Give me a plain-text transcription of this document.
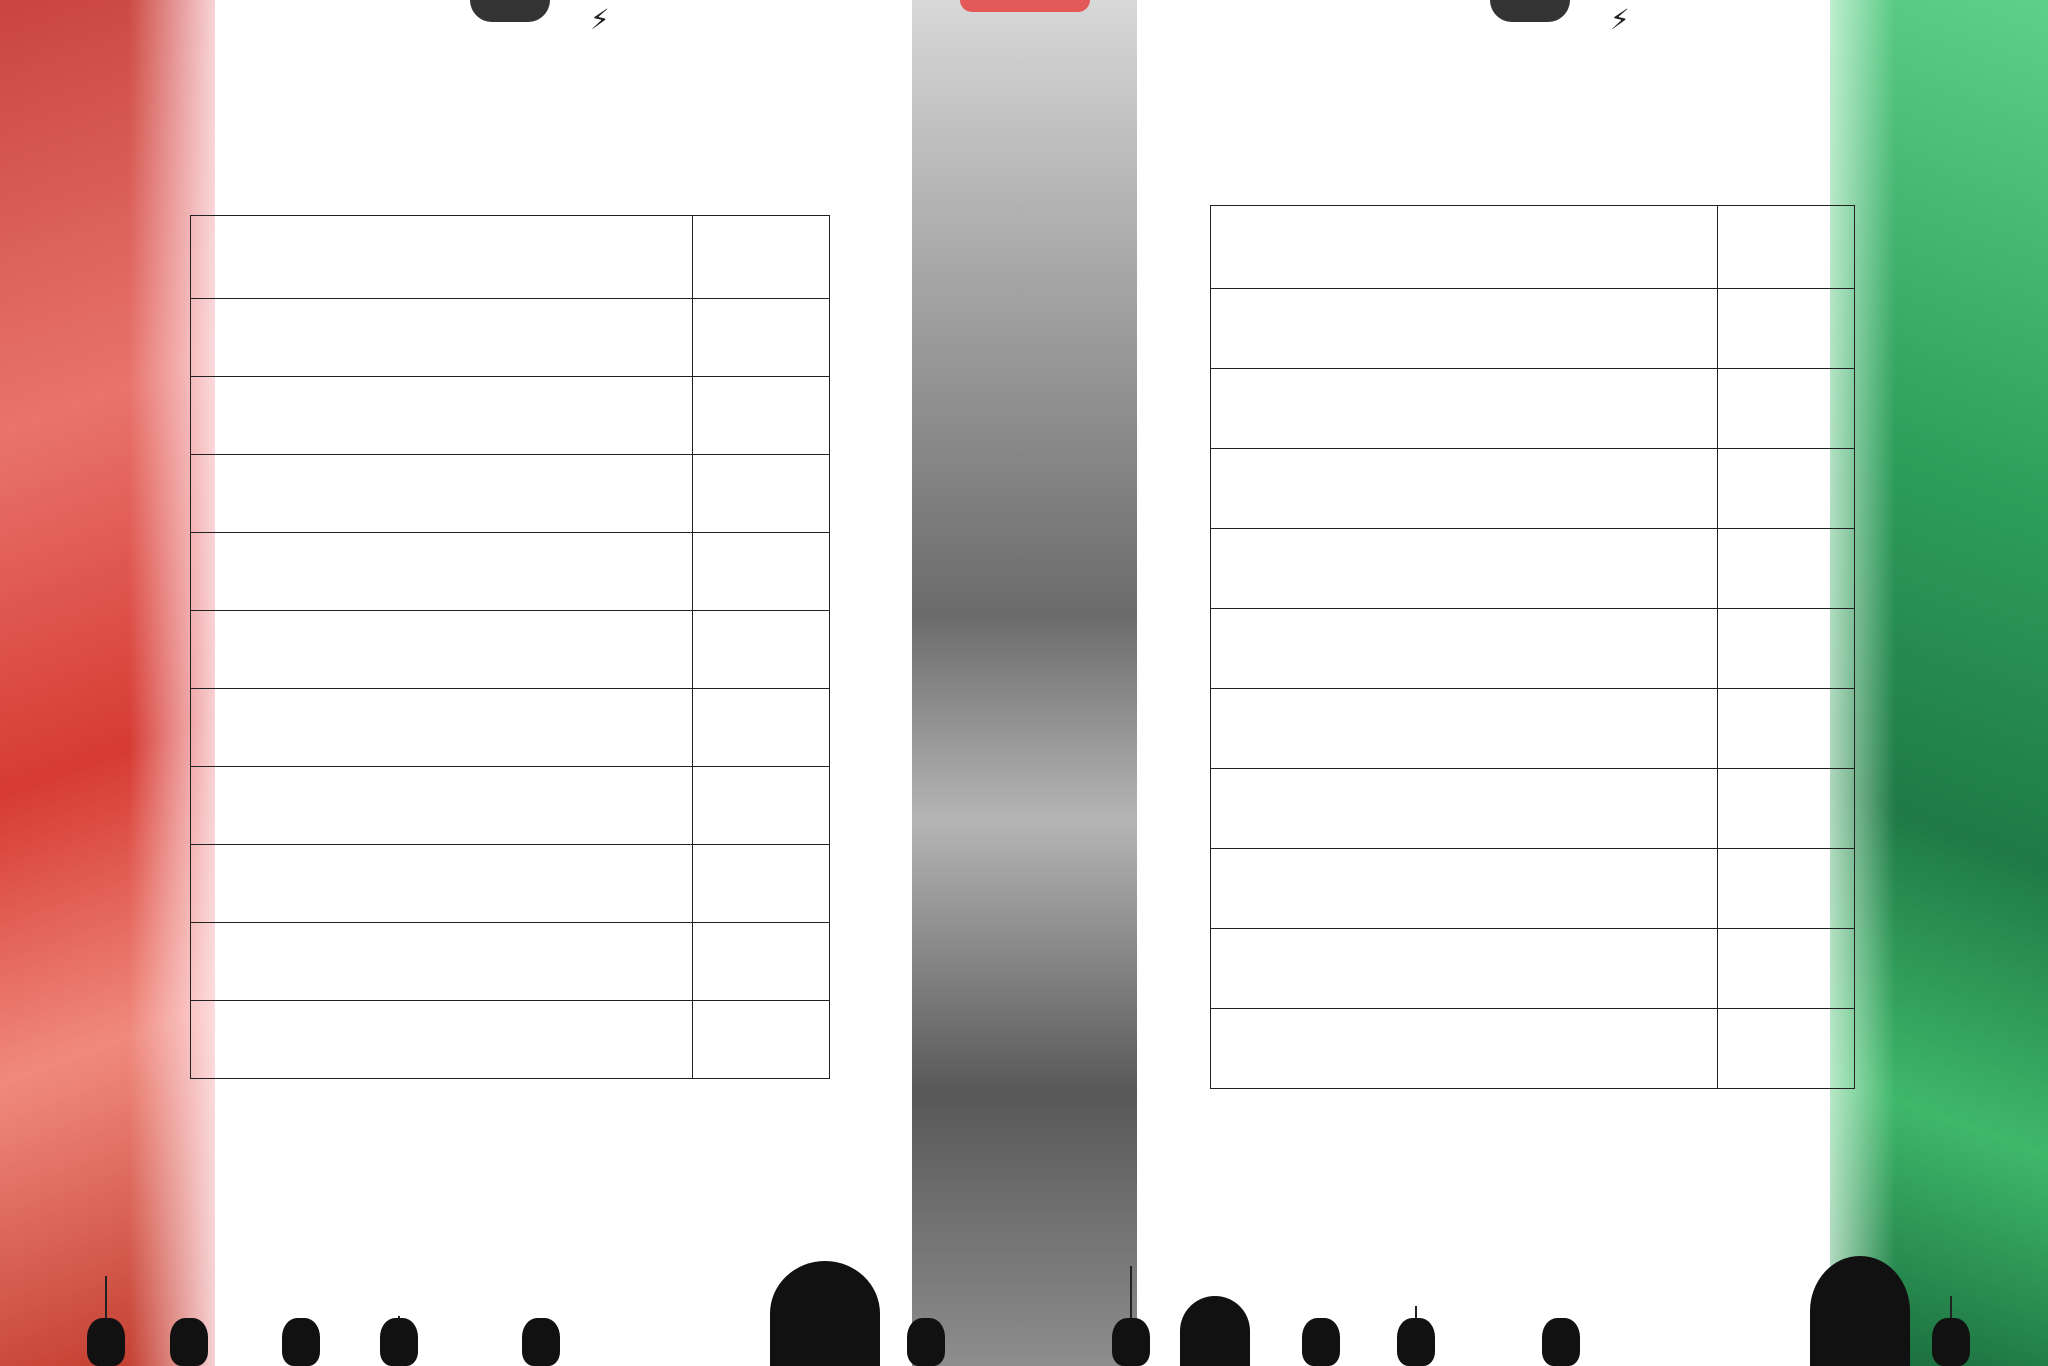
⚡

		⚡
